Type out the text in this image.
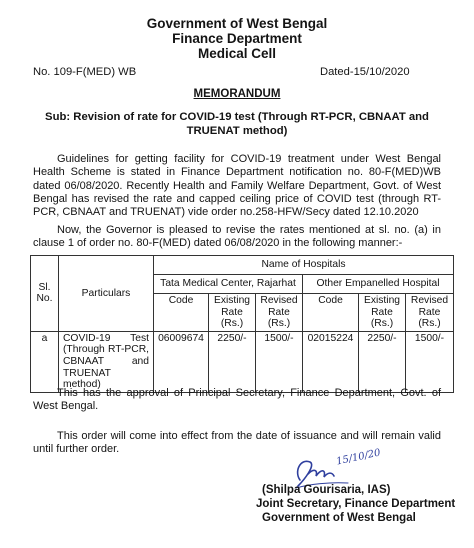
Government of West Bengal
Finance Department
Medical Cell
No. 109-F(MED) WB	Dated-15/10/2020
MEMORANDUM
Sub: Revision of rate for COVID-19 test (Through RT-PCR, CBNAAT and
TRUENAT method)
Guidelines for getting facility for COVID-19 treatment under West Bengal Health Scheme is stated in Finance Department notification no. 80-F(MED)WB dated 06/08/2020. Recently Health and Family Welfare Department, Govt. of West Bengal has revised the rate and capped ceiling price of COVID test (through RT-PCR, CBNAAT and TRUENAT) vide order no.258-HFW/Secy dated 12.10.2020
Now, the Governor is pleased to revise the rates mentioned at sl. no. (a) in clause 1 of order no. 80-F(MED) dated 06/08/2020 in the following manner:-
Sl. No.	Particulars	Name of Hospitals					
		Tata Medical Center, Rajarhat			Other Empanelled Hospital		
		Code	Existing Rate (Rs.)	Revised Rate (Rs.)	Code	Existing Rate (Rs.)	Revised Rate (Rs.)
a	COVID-19 Test
(Through RT-PCR,
CBNAAT and
TRUENAT method)	06009674	2250/-	1500/-	02015224	2250/-	1500/-
This has the approval of Principal Secretary, Finance Department, Govt. of West Bengal.
This order will come into effect from the date of issuance and will remain valid until further order.	15/10/20
(Shilpa Gourisaria, IAS)
Joint Secretary, Finance Department
Government of West Bengal
